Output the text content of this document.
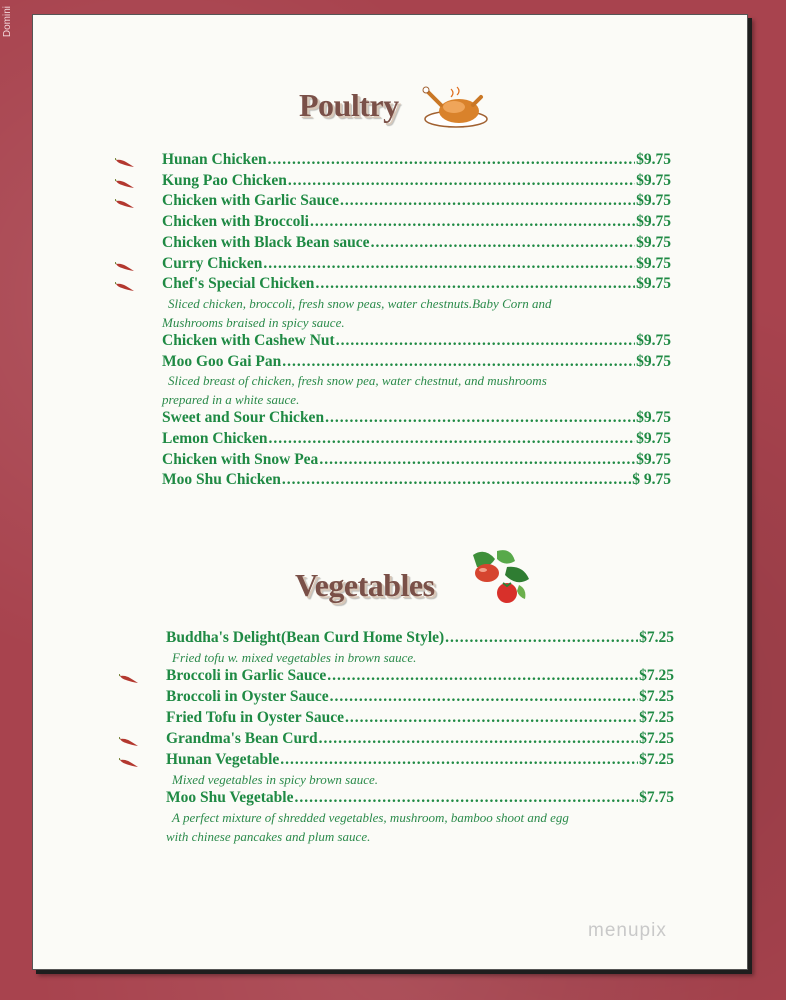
Domini
Poultry
Hunan Chicken .....	$9.75
Kung Pao Chicken .....	$9.75
Chicken with Garlic Sauce .....	$9.75
Chicken with Broccoli .....	$9.75
Chicken with Black Bean sauce .....	$9.75
Curry Chicken .....	$9.75
Chef's Special Chicken .....	$9.75
Sliced chicken, broccoli, fresh snow peas, water chestnuts.Baby Corn and
Mushrooms braised in spicy sauce.
Chicken with Cashew Nut .....	$9.75
Moo Goo Gai Pan .....	$9.75
Sliced breast of chicken, fresh snow pea, water chestnut, and mushrooms
prepared in a white sauce.
Sweet and Sour Chicken .....	$9.75
Lemon Chicken .....	$9.75
Chicken with Snow Pea .....	$9.75
Moo Shu Chicken .....	$ 9.75
Vegetables
Buddha's Delight(Bean Curd Home Style) .....	$7.25
Fried tofu w. mixed vegetables in brown sauce.
Broccoli in Garlic Sauce .....	$7.25
Broccoli in Oyster Sauce .....	$7.25
Fried Tofu in Oyster Sauce .....	$7.25
Grandma's Bean Curd .....	$7.25
Hunan Vegetable .....	$7.25
Mixed vegetables in spicy brown sauce.
Moo Shu Vegetable .....	$7.75
A perfect mixture of shredded vegetables, mushroom, bamboo shoot and egg
with chinese pancakes and plum sauce.
menupix
